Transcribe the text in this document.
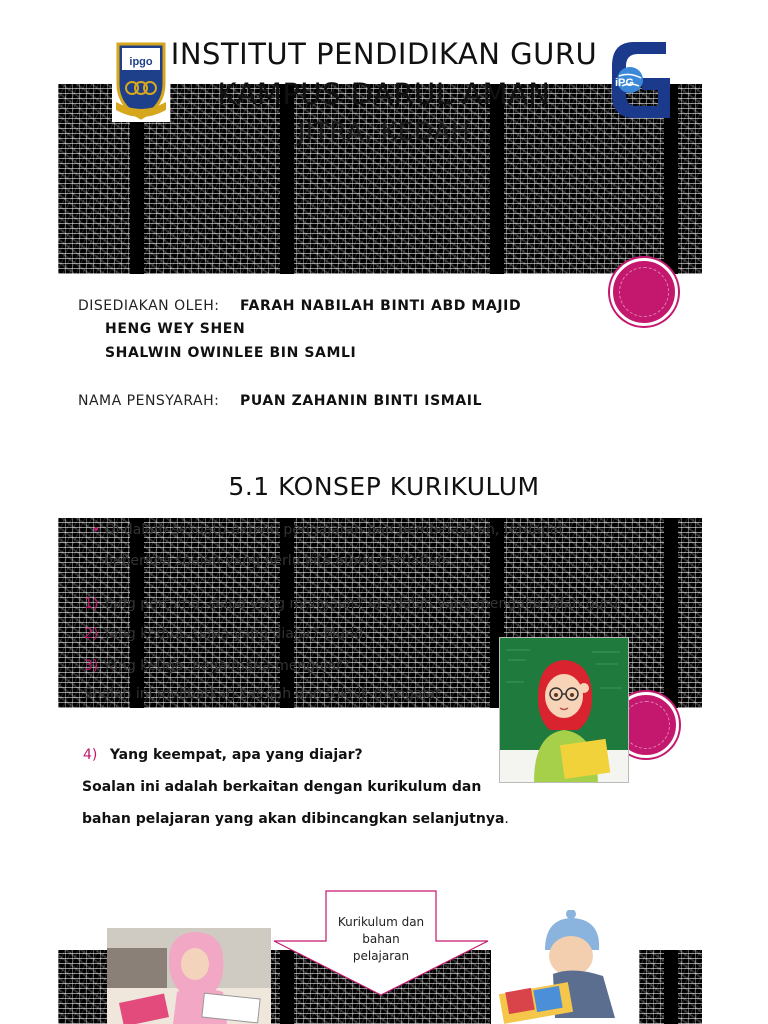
INSTITUT PENDIDIKAN GURU
KAMPUS DARUL AMAN
JITRA, KEDAH
ipgo
iPG
DISEDIAKAN OLEH: FARAH NABILAH BINTI ABD MAJID
HENG WEY SHEN
SHALWIN OWINLEE BIN SAMLI
NAMA PENSYARAH: PUAN ZAHANIN BINTI ISMAIL
5.1 KONSEP KURIKULUM
• Di dalam sesuatu aktiviti pengajaran dan pembelajaran, terdapat
beberapa soalan yang perlu kita ambil perhatian:
1) Yang pertama, siapa yang mengajar? Ia adalah yang mengajar ialah guru.
2) Yang kedua, siapa yang diajar? Murid.
3) Yang ketiga, bagaimana mengajar?
Soalan ini melibatkan kaedah dan teknik mengajar.
4) Yang keempat, apa yang diajar?
Soalan ini adalah berkaitan dengan kurikulum dan
bahan pelajaran yang akan dibincangkan selanjutnya.
Kurikulum dan
bahan
pelajaran
